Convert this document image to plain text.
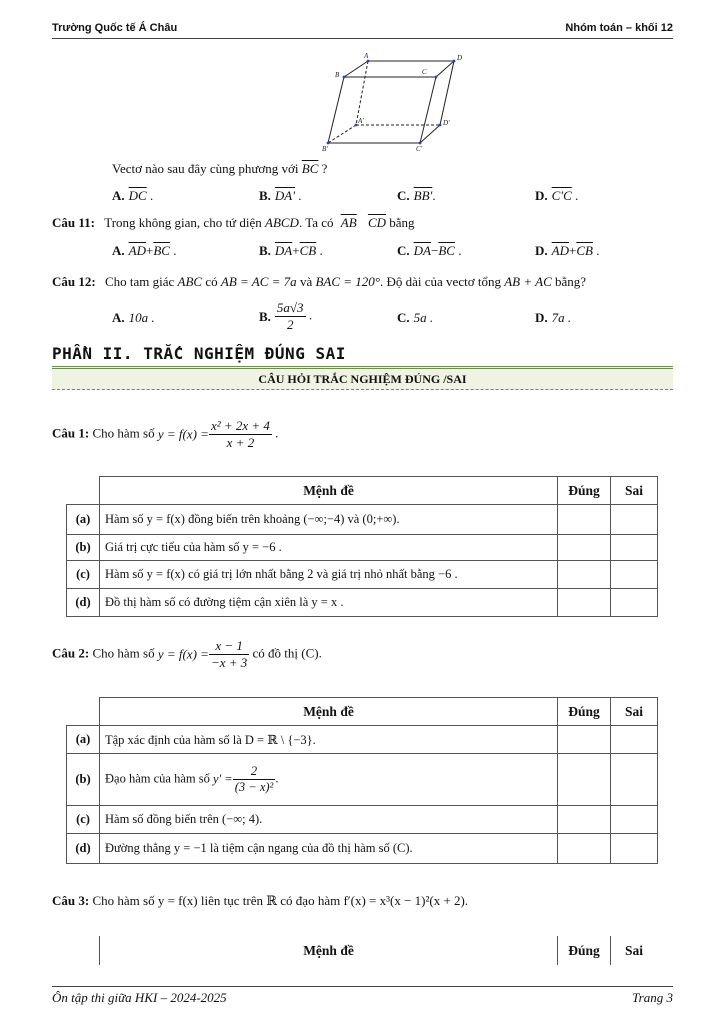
Trường Quốc tế Á Châu	Nhóm toán – khối 12
A	D
B	C
A'	D'
B'	C'
Vectơ nào sau đây cùng phương với $\overline{BC}$ ?
A. $\overline{DC}$ .	B. DA' .	C. BB'.	D. C'C .
Câu 11: Trong không gian, cho tứ diện ABCD. Ta có $\overline{AB}$ $\overline{CD}$ bằng
A. $\overline{AD}+\overline{BC}$ .	B. $\overline{DA}+\overline{CB}$ .	C. $\overline{DA}-\overline{BC}$ .	D. $\overline{AD}+\overline{CB}$ .
Câu 12: Cho tam giác ABC có AB = AC = 7a và BAC = 120°. Độ dài của vectơ tổng AB + AC bằng?
A. 10a .	B. $\frac{5a√3}{2}$ .	C. 5a .	D. 7a .
PHẦN II. TRẮC NGHIỆM ĐÚNG SAI
CÂU HỎI TRẮC NGHIỆM ĐÚNG /SAI
Câu 1: Cho hàm số $y = f(x) = \frac{\text{x² + 2x + 4}}{x + 2}$ .
	Mệnh đề	Đúng	Sai
(a)	Hàm số y = f(x) đồng biến trên khoảng (−∞;−4) và (0;+∞).		
(b)	Giá trị cực tiểu của hàm số y = −6 .		
(c)	Hàm số y = f(x) có giá trị lớn nhất bằng 2 và giá trị nhỏ nhất bằng −6 .		
(d)	Đồ thị hàm số có đường tiệm cận xiên là y = x .		
Câu 2: Cho hàm số $y = f(x) = \frac{x - 1}{-x + 3}$ có đồ thị (C).
	Mệnh đề	Đúng	Sai
(a)	Tập xác định của hàm số là D = ℝ \ {−3}.		
(b)	Đạo hàm của hàm số $y' = \frac{2}{\text{(3 − x)²}}$ .		
(c)	Hàm số đồng biến trên (−∞; 4).		
(d)	Đường thẳng y = −1 là tiệm cận ngang của đồ thị hàm số (C).		
Câu 3: Cho hàm số y = f(x) liên tục trên ℝ có đạo hàm f′(x) = x³(x − 1)²(x + 2).
	Mệnh đề	Đúng	Sai
Ôn tập thi giữa HKI – 2024-2025	Trang 3
